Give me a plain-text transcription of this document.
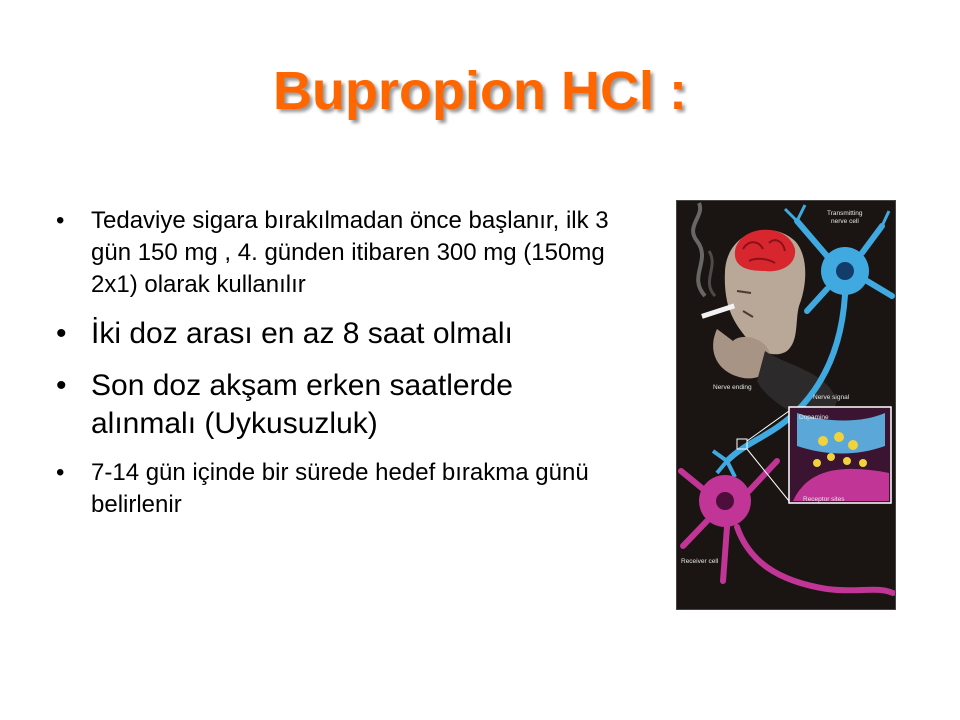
Bupropion HCl :
•	Tedaviye sigara bırakılmadan önce başlanır, ilk 3 gün 150 mg , 4. günden itibaren 300 mg (150mg 2x1) olarak kullanılır
• İki doz arası en az 8 saat olmalı
• Son doz akşam erken saatlerde alınmalı (Uykusuzluk)
•	7-14 gün içinde bir sürede hedef bırakma günü belirlenir
Transmitting
nerve cell
Nerve ending
Nerve signal
Dopamine
Receptor sites
Receiver cell
